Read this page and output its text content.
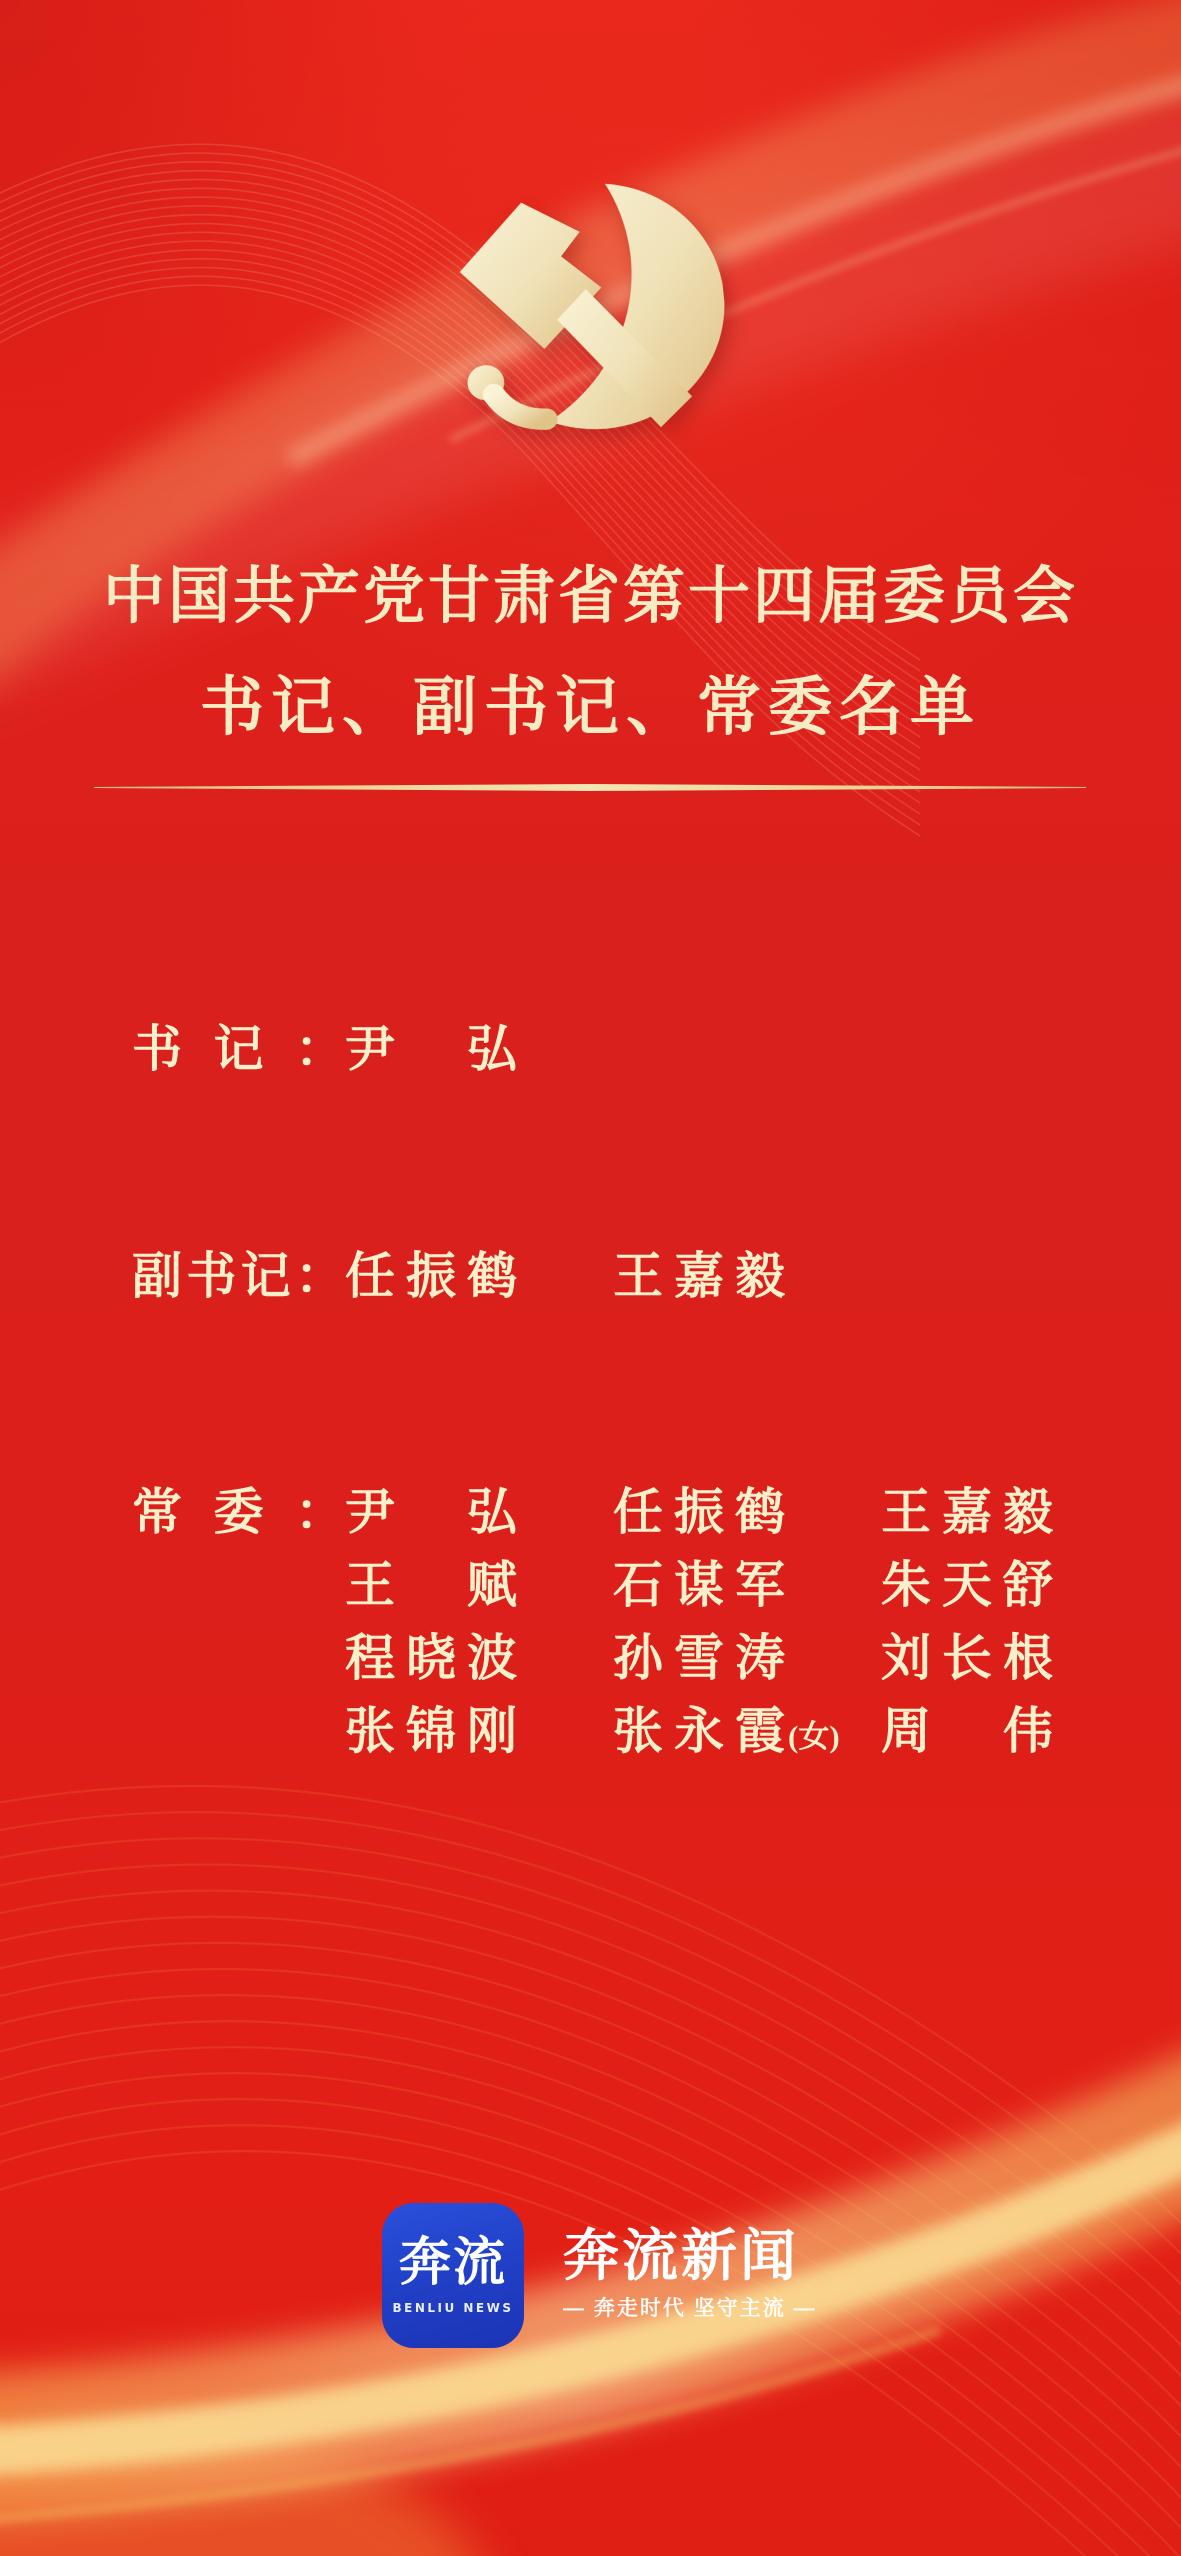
中国共产党甘肃省第十四届委员会
书记、副书记、常委名单
书记： 尹弘
副书记： 任振鹤 王嘉毅
常委： 尹弘 任振鹤 王嘉毅
王赋 石谋军 朱天舒
程晓波 孙雪涛 刘长根
张锦刚 张永霞 (女) 周伟
奔流
BENLIU NEWS
奔流新闻
— 奔走时代 坚守主流 —
